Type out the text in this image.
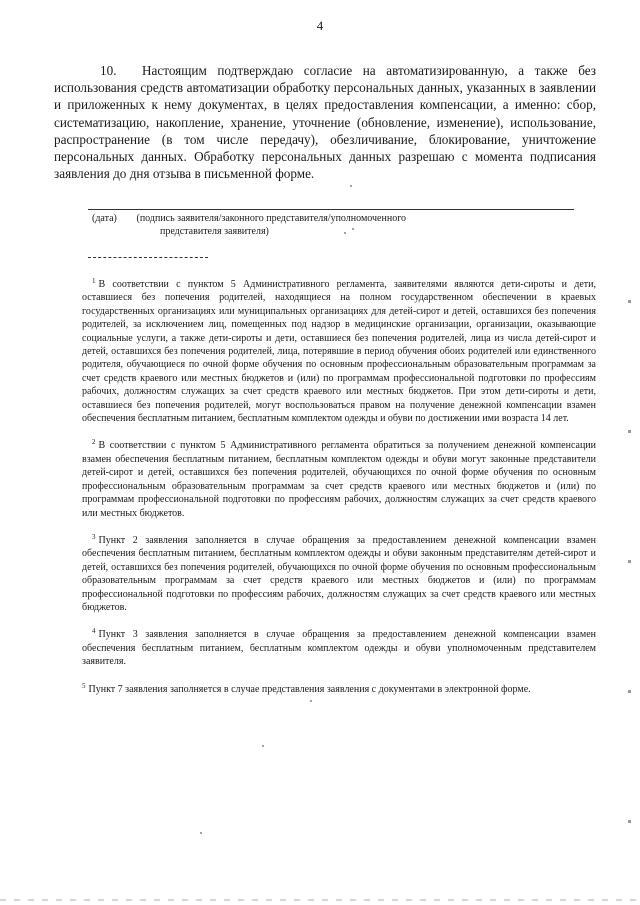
4
10. Настоящим подтверждаю согласие на автоматизированную, а также без использования средств автоматизации обработку персональных данных, указанных в заявлении и приложенных к нему документах, в целях предоставления компенсации, а именно: сбор, систематизацию, накопление, хранение, уточнение (обновление, изменение), использование, распространение (в том числе передачу), обезличивание, блокирование, уничтожение персональных данных. Обработку персональных данных разрешаю с момента подписания заявления до дня отзыва в письменной форме.
(дата) (подпись заявителя/законного представителя/уполномоченного
представителя заявителя)

$^1$ В соответствии с пунктом 5 Административного регламента, заявителями являются дети-сироты и дети, оставшиеся без попечения родителей, находящиеся на полном государственном обеспечении в краевых государственных организациях или муниципальных организациях для детей-сирот и детей, оставшихся без попечения родителей, за исключением лиц, помещенных под надзор в медицинские организации, организации, оказывающие социальные услуги, а также дети-сироты и дети, оставшиеся без попечения родителей, лица из числа детей-сирот и детей, оставшихся без попечения родителей, лица, потерявшие в период обучения обоих родителей или единственного родителя, обучающиеся по очной форме обучения по основным профессиональным образовательным программам за счет средств краевого или местных бюджетов и (или) по программам профессиональной подготовки по профессиям рабочих, должностям служащих за счет средств краевого или местных бюджетов. При этом дети-сироты и дети, оставшиеся без попечения родителей, могут воспользоваться правом на получение денежной компенсации взамен обеспечения бесплатным питанием, бесплатным комплектом одежды и обуви по достижении ими возраста 14 лет.

$^2$ В соответствии с пунктом 5 Административного регламента обратиться за получением денежной компенсации взамен обеспечения бесплатным питанием, бесплатным комплектом одежды и обуви могут законные представители детей-сирот и детей, оставшихся без попечения родителей, обучающихся по очной форме обучения по основным профессиональным образовательным программам за счет средств краевого или местных бюджетов и (или) по программам профессиональной подготовки по профессиям рабочих, должностям служащих за счет средств краевого или местных бюджетов.

$^3$ Пункт 2 заявления заполняется в случае обращения за предоставлением денежной компенсации взамен обеспечения бесплатным питанием, бесплатным комплектом одежды и обуви законным представителям детей-сирот и детей, оставшихся без попечения родителей, обучающихся по очной форме обучения по основным профессиональным образовательным программам за счет средств краевого или местных бюджетов и (или) по программам профессиональной подготовки по профессиям рабочих, должностям служащих за счет средств краевого или местных бюджетов.

$^4$ Пункт 3 заявления заполняется в случае обращения за предоставлением денежной компенсации взамен обеспечения бесплатным питанием, бесплатным комплектом одежды и обуви уполномоченным представителем заявителя.

$^5$ Пункт 7 заявления заполняется в случае представления заявления с документами в электронной форме.
